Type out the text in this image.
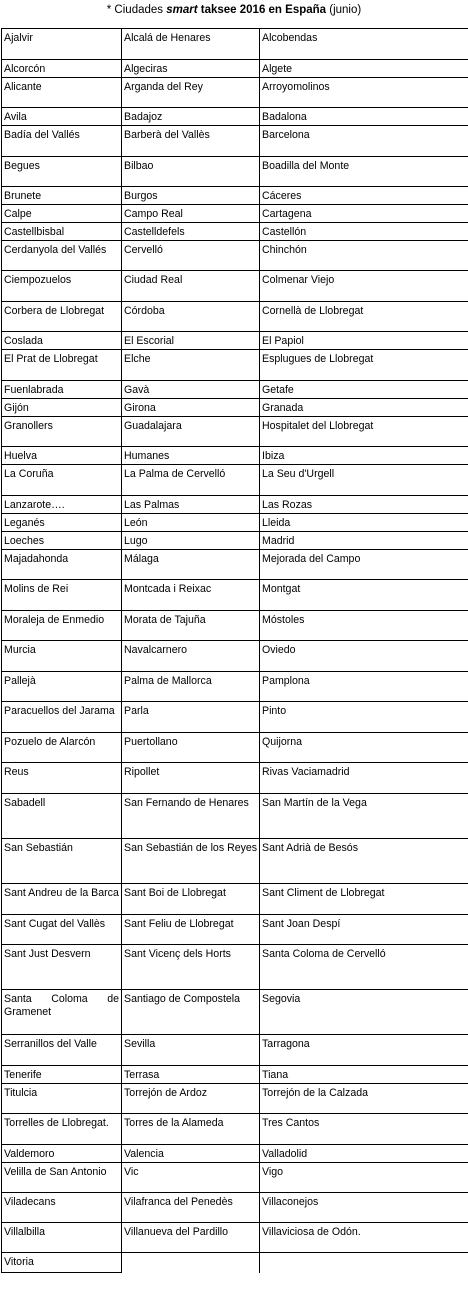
* Ciudades smart taksee 2016 en España (junio)
Ajalvir	Alcalá de Henares	Alcobendas
Alcorcón	Algeciras	Algete
Alicante	Arganda del Rey	Arroyomolinos
Avila	Badajoz	Badalona
Badía del Vallés	Barberà del Vallès	Barcelona
Begues	Bilbao	Boadilla del Monte
Brunete	Burgos	Cáceres
Calpe	Campo Real	Cartagena
Castellbisbal	Castelldefels	Castellón
Cerdanyola del Vallés	Cervelló	Chinchón
Ciempozuelos	Ciudad Real	Colmenar Viejo
Corbera de Llobregat	Córdoba	Cornellà de Llobregat
Coslada	El Escorial	El Papiol
El Prat de Llobregat	Elche	Esplugues de Llobregat
Fuenlabrada	Gavà	Getafe
Gijón	Girona	Granada
Granollers	Guadalajara	Hospitalet del Llobregat
Huelva	Humanes	Ibiza
La Coruña	La Palma de Cervelló	La Seu d'Urgell
Lanzarote….	Las Palmas	Las Rozas
Leganés	León	Lleida
Loeches	Lugo	Madrid
Majadahonda	Málaga	Mejorada del Campo
Molins de Rei	Montcada i Reixac	Montgat
Moraleja de Enmedio	Morata de Tajuña	Móstoles
Murcia	Navalcarnero	Oviedo
Pallejà	Palma de Mallorca	Pamplona
Paracuellos del Jarama	Parla	Pinto
Pozuelo de Alarcón	Puertollano	Quijorna
Reus	Ripollet	Rivas Vaciamadrid
Sabadell	San Fernando de Henares	San Martín de la Vega
San Sebastián	San Sebastián de los Reyes	Sant Adrià de Besós
Sant Andreu de la Barca	Sant Boi de Llobregat	Sant Climent de Llobregat
Sant Cugat del Vallès	Sant Feliu de Llobregat	Sant Joan Despí
Sant Just Desvern	Sant Vicenç dels Horts	Santa Coloma de Cervelló
Santa Coloma de Gramenet	Santiago de Compostela	Segovia
Serranillos del Valle	Sevilla	Tarragona
Tenerife	Terrasa	Tiana
Titulcia	Torrejón de Ardoz	Torrejón de la Calzada
Torrelles de Llobregat.	Torres de la Alameda	Tres Cantos
Valdemoro	Valencia	Valladolid
Velilla de San Antonio	Vic	Vigo
Viladecans	Vilafranca del Penedès	Villaconejos
Villalbilla	Villanueva del Pardillo	Villaviciosa de Odón.
Vitoria		
